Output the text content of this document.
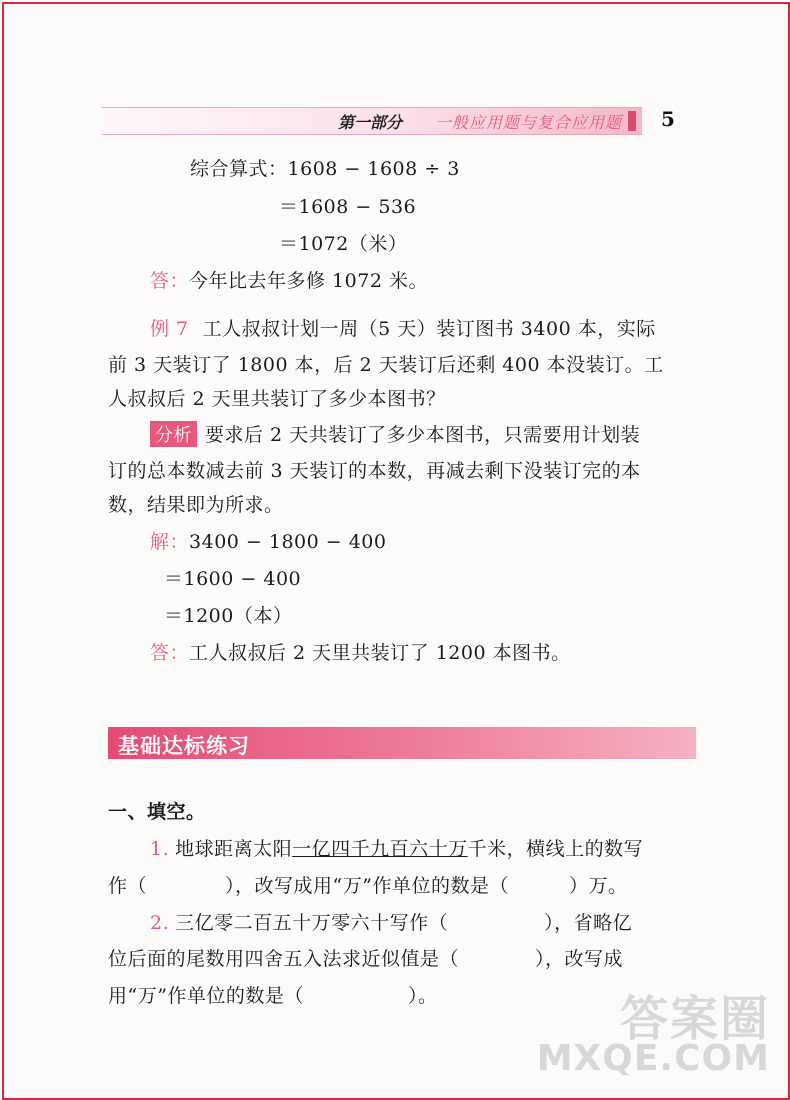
第一部分 一般应用题与复合应用题 5
综合算式：1608 − 1608 ÷ 3
＝1608 − 536
＝1072（米）
答：今年比去年多修 1072 米。
例 7 工人叔叔计划一周（5 天）装订图书 3400 本，实际
前 3 天装订了 1800 本，后 2 天装订后还剩 400 本没装订。工
人叔叔后 2 天里共装订了多少本图书？
分析 要求后 2 天共装订了多少本图书，只需要用计划装
订的总本数减去前 3 天装订的本数，再减去剩下没装订完的本
数，结果即为所求。
解：3400 − 1800 − 400
＝1600 − 400
＝1200（本）
答：工人叔叔后 2 天里共装订了 1200 本图书。
基础达标练习
一、填空。
1. 地球距离太阳一亿四千九百六十万千米，横线上的数写
作（	），改写成用“万”作单位的数是（	）万。
2. 三亿零二百五十万零六十写作（	），省略亿
位后面的尾数用四舍五入法求近似值是（	），改写成
用“万”作单位的数是（	）。	答案圈
MXQE.COM
